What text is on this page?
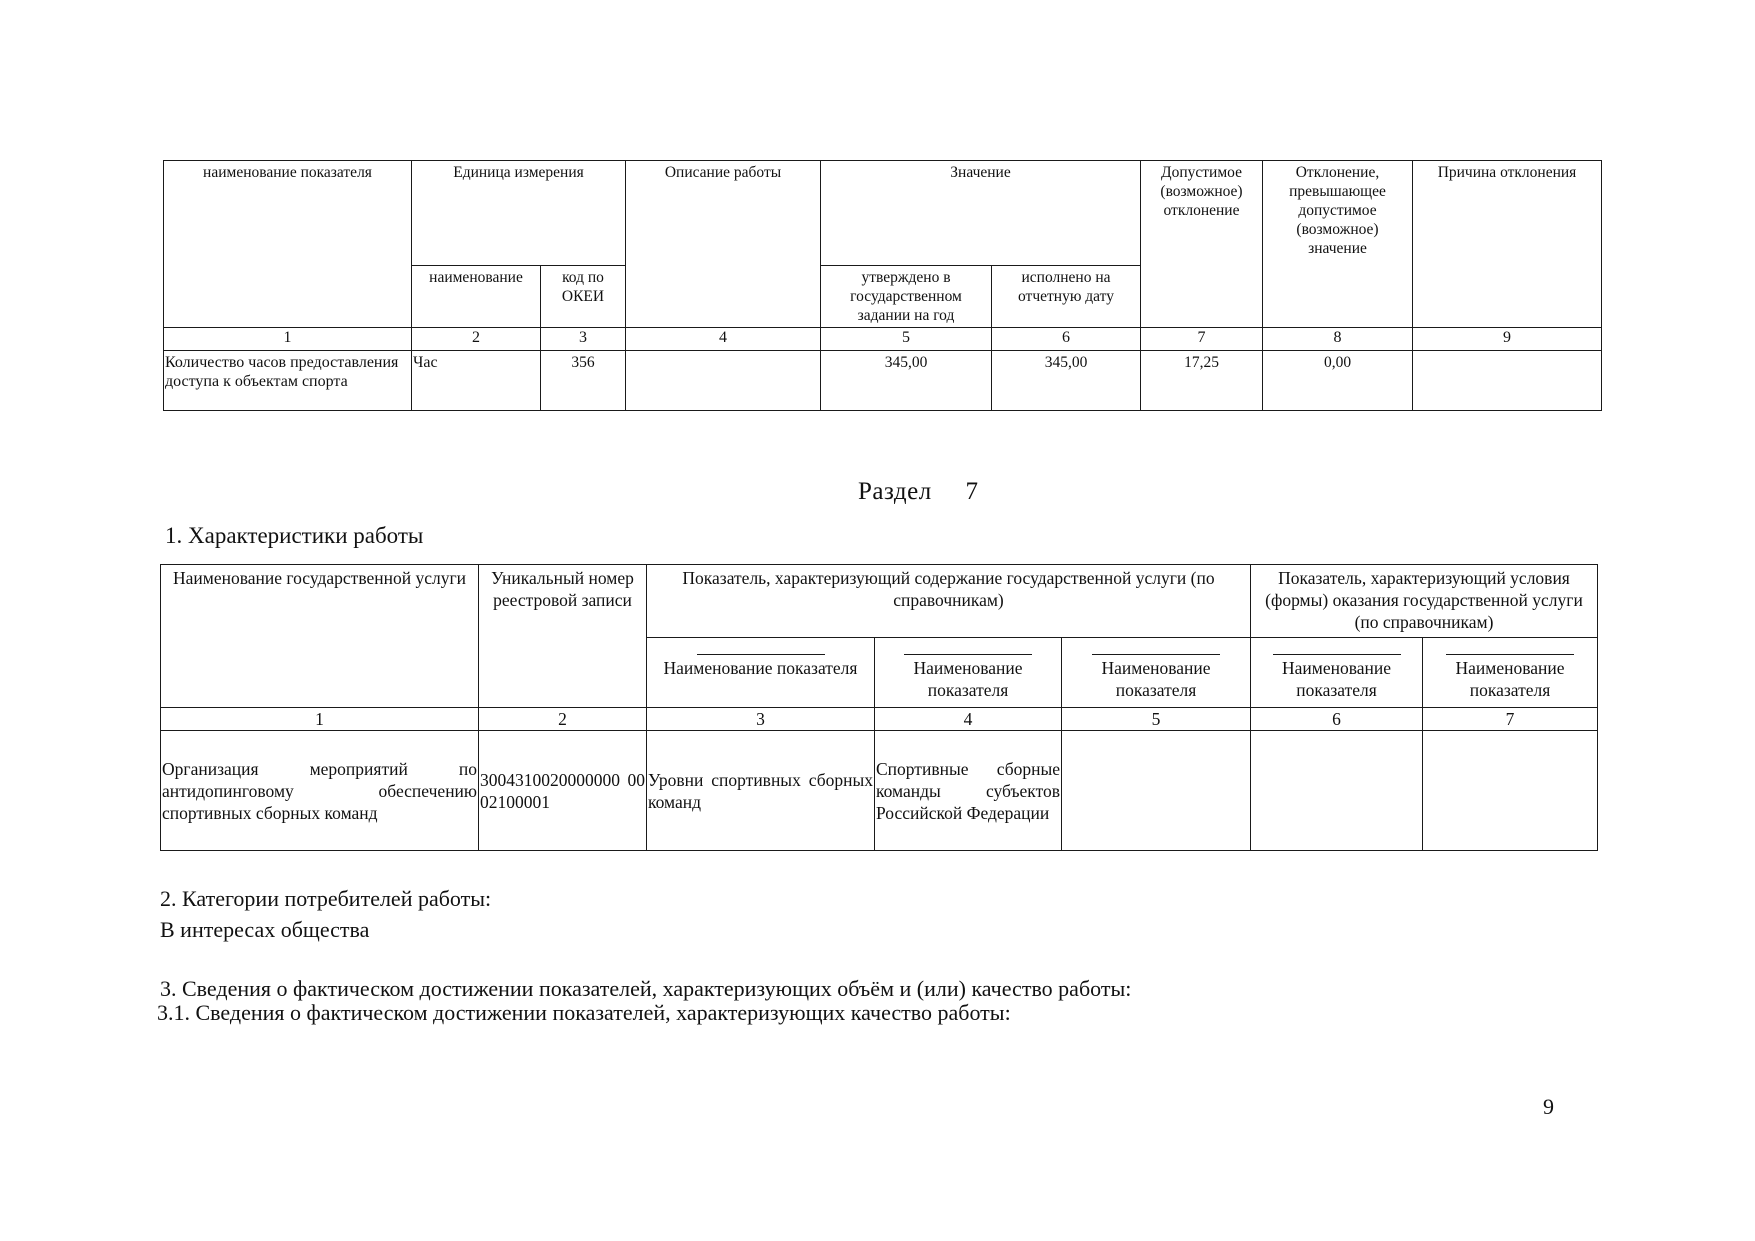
наименование показателя	Единица измерения		Описание работы	Значение		Допустимое (возможное) отклонение	Отклонение, превышающее допустимое (возможное) значение	Причина отклонения
	наименование	код по ОКЕИ		утверждено в государственном задании на год	исполнено на отчетную дату			
1	2	3	4	5	6	7	8	9
Количество часов предоставления доступа к объектам спорта	Час	356		345,00	345,00	17,25	0,00	
Раздел     7
1. Характеристики работы
Наименование государственной услуги	Уникальный номер реестровой записи	Показатель, характеризующий содержание государственной услуги (по справочникам)			Показатель, характеризующий условия (формы) оказания государственной услуги (по справочникам)	

Наименование показателя	Наименование показателя	Наименование показателя	Наименование показателя	Наименование показателя
1	2	3	4	5	6	7
Организация мероприятий по антидопинговому обеспечению спортивных сборных команд	3004310020000000 0002100001	Уровни спортивных сборных команд	Спортивные сборные команды субъектов Российской Федерации			
2. Категории потребителей работы:
В интересах общества
3. Сведения о фактическом достижении показателей, характеризующих объём и (или) качество работы:
3.1. Сведения о фактическом достижении показателей, характеризующих качество работы:
9
